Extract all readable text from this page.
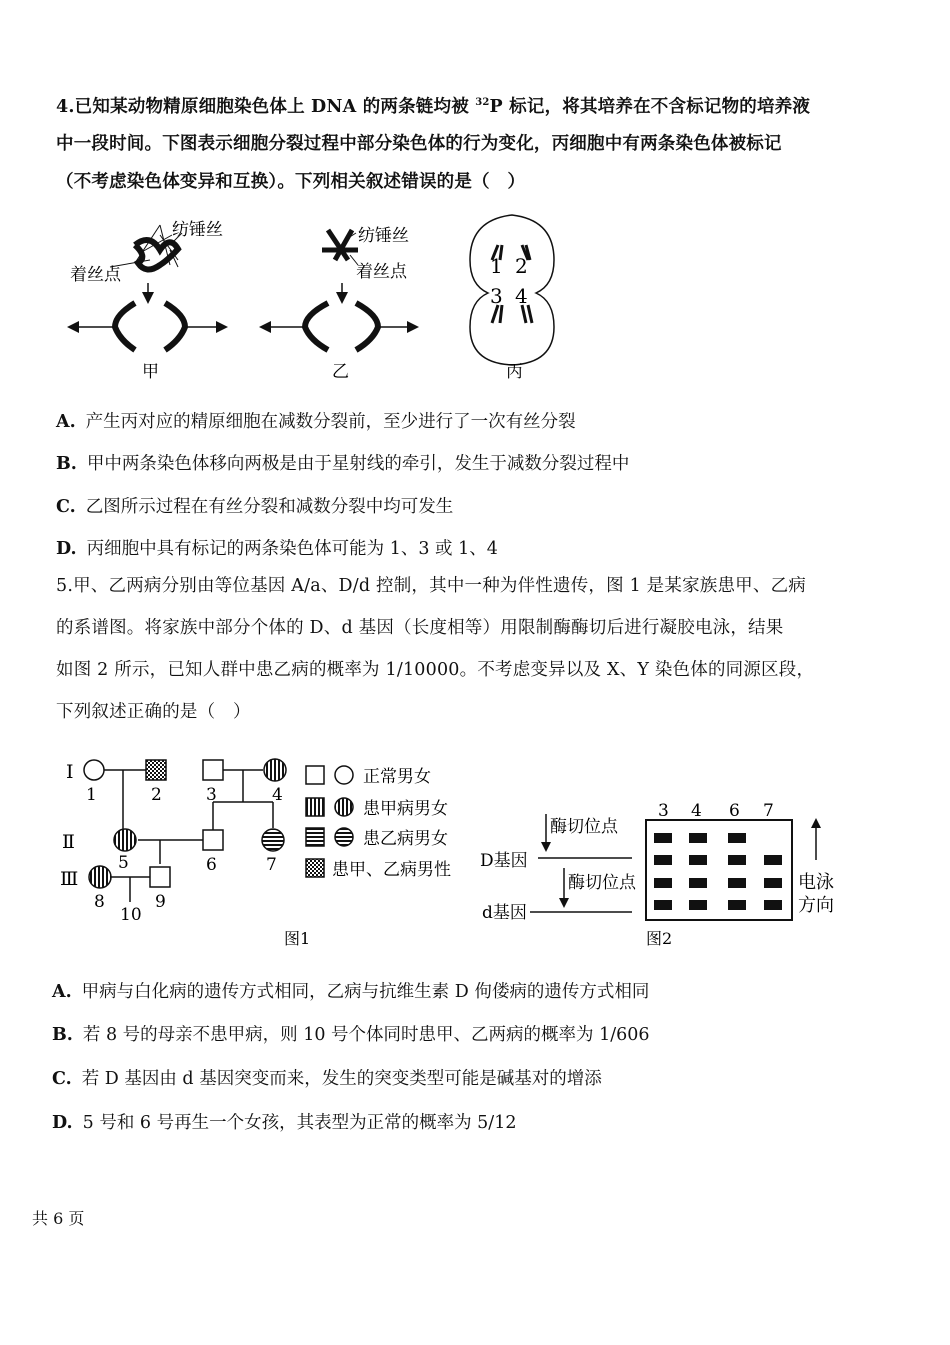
4.已知某动物精原细胞染色体上 DNA 的两条链均被 $^{32}$P 标记，将其培养在不含标记物的培养液
中一段时间。下图表示细胞分裂过程中部分染色体的行为变化，丙细胞中有两条染色体被标记
（不考虑染色体变异和互换）。下列相关叙述错误的是（　）
纺锤丝
着丝点
甲
纺锤丝
着丝点
乙
1 2
3 4
丙
A. 产生丙对应的精原细胞在减数分裂前，至少进行了一次有丝分裂
B. 甲中两条染色体移向两极是由于星射线的牵引，发生于减数分裂过程中
C. 乙图所示过程在有丝分裂和减数分裂中均可发生
D. 丙细胞中具有标记的两条染色体可能为 1、3 或 1、4
5.甲、乙两病分别由等位基因 A/a、D/d 控制，其中一种为伴性遗传，图 1 是某家族患甲、乙病
的系谱图。将家族中部分个体的 D、d 基因（长度相等）用限制酶酶切后进行凝胶电泳，结果
如图 2 所示，已知人群中患乙病的概率为 1/10000。不考虑变异以及 X、Y 染色体的同源区段，
下列叙述正确的是（　）
I
Ⅱ
Ⅲ
1	2	3	4
5	6	7
8	9
10
正常男女
患甲病男女
患乙病男女
患甲、乙病男性
图1
酶切位点
酶切位点
D基因
d基因
3 4 6 7
电泳
方向
图2
A. 甲病与白化病的遗传方式相同，乙病与抗维生素 D 佝偻病的遗传方式相同
B. 若 8 号的母亲不患甲病，则 10 号个体同时患甲、乙两病的概率为 1/606
C. 若 D 基因由 d 基因突变而来，发生的突变类型可能是碱基对的增添
D. 5 号和 6 号再生一个女孩，其表型为正常的概率为 5/12
共 6 页
